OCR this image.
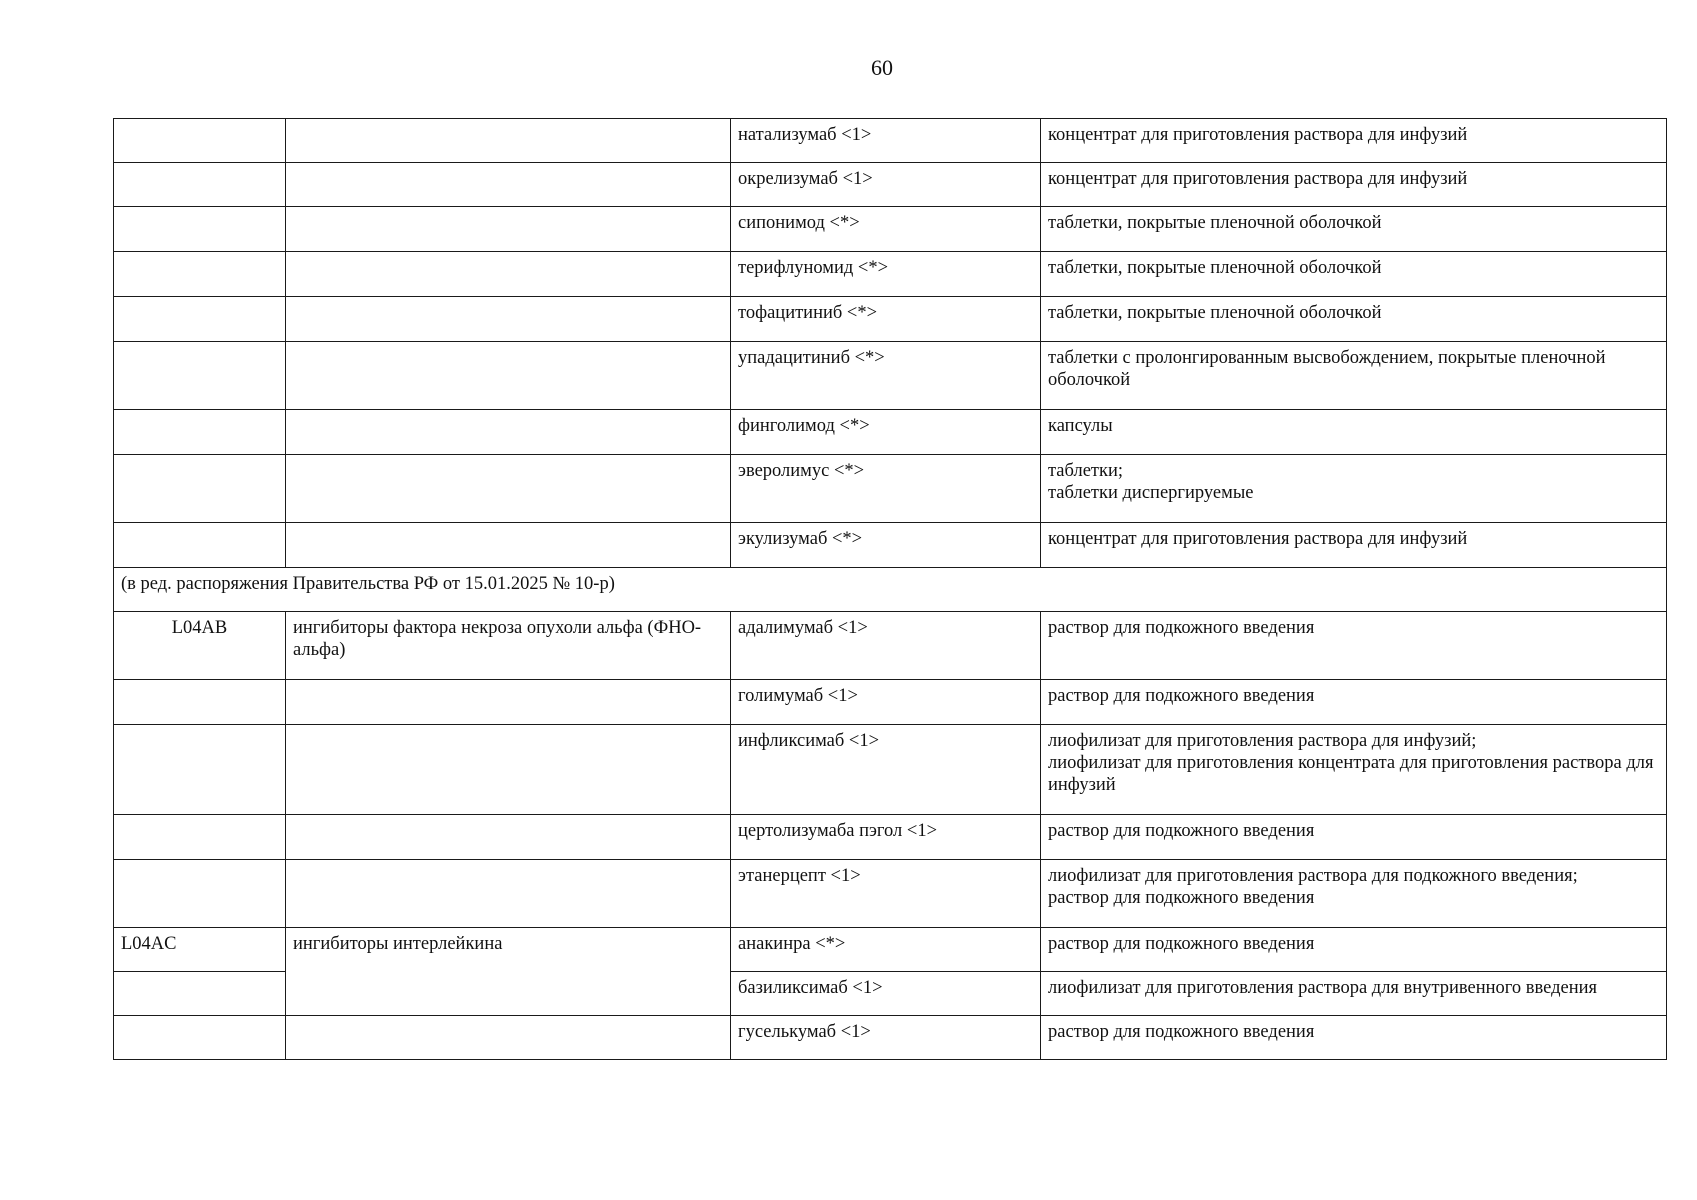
60
		натализумаб <1>	концентрат для приготовления раствора для инфузий

		окрелизумаб <1>	концентрат для приготовления раствора для инфузий

		сипонимод <*>	таблетки, покрытые пленочной оболочкой

		терифлуномид <*>	таблетки, покрытые пленочной оболочкой

		тофацитиниб <*>	таблетки, покрытые пленочной оболочкой

		упадацитиниб <*>	таблетки с пролонгированным высвобождением, покрытые пленочной оболочкой

		финголимод <*>	капсулы

		эверолимус <*>	таблетки;
таблетки диспергируемые

		экулизумаб <*>	концентрат для приготовления раствора для инфузий

(в ред. распоряжения Правительства РФ от 15.01.2025 № 10-р)			
L04AB	ингибиторы фактора некроза опухоли альфа (ФНО-альфа)	адалимумаб <1>	раствор для подкожного введения

		голимумаб <1>	раствор для подкожного введения

		инфликсимаб <1>	лиофилизат для приготовления раствора для инфузий;
лиофилизат для приготовления концентрата для приготовления раствора для инфузий

		цертолизумаба пэгол <1>	раствор для подкожного введения

		этанерцепт <1>	лиофилизат для приготовления раствора для подкожного введения;
раствор для подкожного введения

L04AC	ингибиторы интерлейкина	анакинра <*>	раствор для подкожного введения

		базиликсимаб <1>	лиофилизат для приготовления раствора для внутривенного введения

		гуселькумаб <1>	раствор для подкожного введения
